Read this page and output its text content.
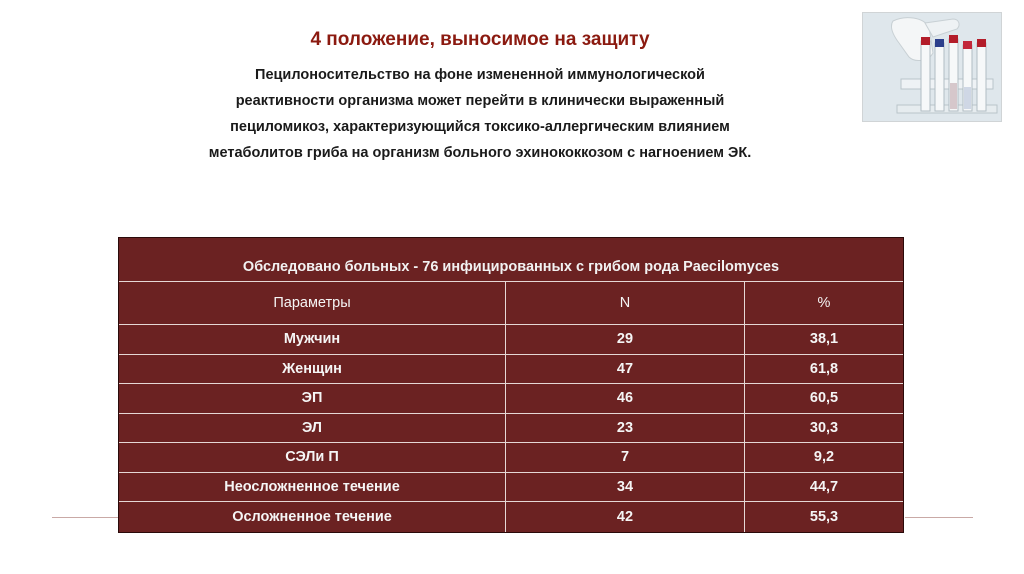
4 положение, выносимое на защиту
Пецилоносительство на фоне измененной иммунологической
реактивности организма может перейти в клинически выраженный
пециломикоз, характеризующийся токсико-аллергическим влиянием
метаболитов гриба на организм больного эхинококкозом с нагноением ЭК.
Обследовано больных - 76 инфицированных с грибом рода Paecilomyces
Параметры	N	%
Мужчин	29	38,1
Женщин	47	61,8
ЭП	46	60,5
ЭЛ	23	30,3
СЭЛи П	7	9,2
Неосложненное течение	34	44,7
Осложненное течение	42	55,3
